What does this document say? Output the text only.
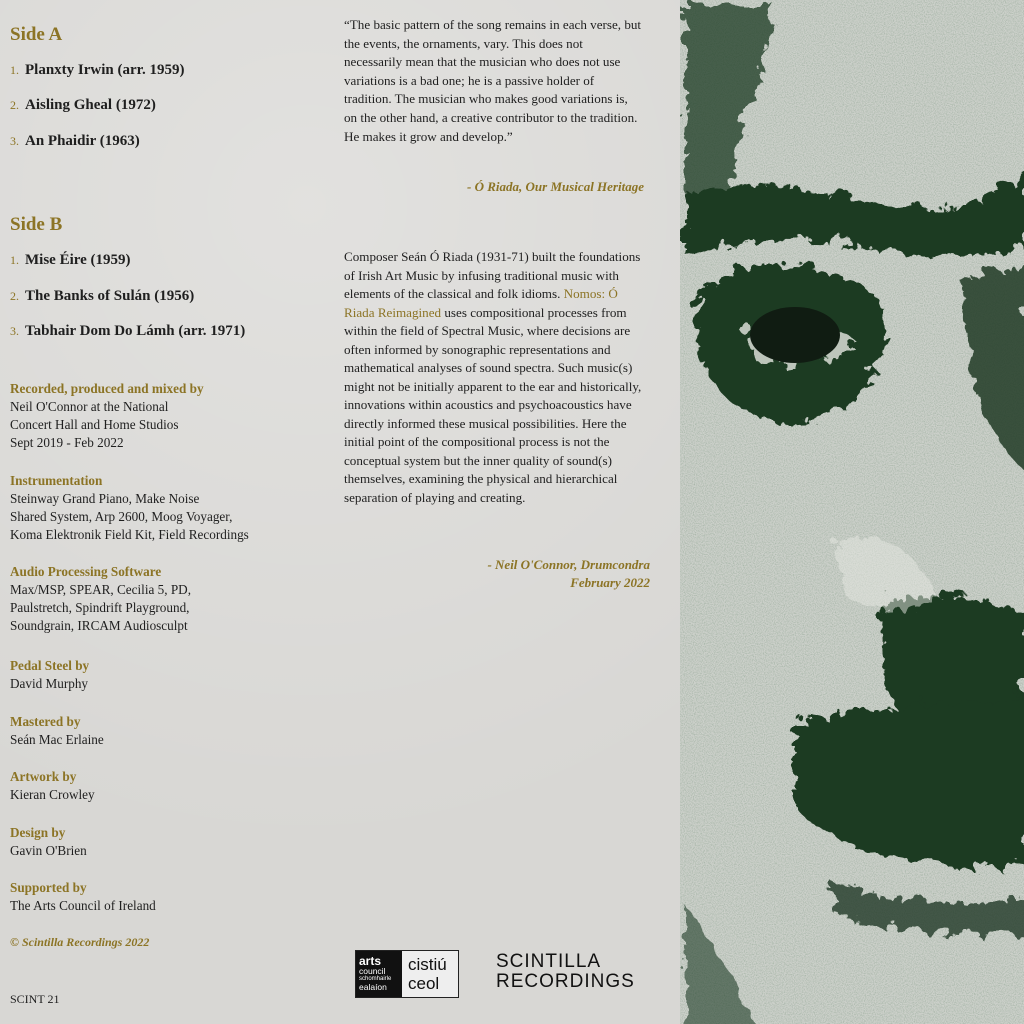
Side A
1. Planxty Irwin (arr. 1959)
2. Aisling Gheal (1972)
3. An Phaidir (1963)
Side B
1. Mise Éire (1959)
2. The Banks of Sulán (1956)
3. Tabhair Dom Do Lámh (arr. 1971)
Recorded, produced and mixed by
Neil O'Connor at the National
Concert Hall and Home Studios
Sept 2019 - Feb 2022
Instrumentation
Steinway Grand Piano, Make Noise
Shared System, Arp 2600, Moog Voyager,
Koma Elektronik Field Kit, Field Recordings
Audio Processing Software
Max/MSP, SPEAR, Cecilia 5, PD,
Paulstretch, Spindrift Playground,
Soundgrain, IRCAM Audiosculpt
Pedal Steel by
David Murphy
Mastered by
Seán Mac Erlaine
Artwork by
Kieran Crowley
Design by
Gavin O'Brien
Supported by
The Arts Council of Ireland
© Scintilla Recordings 2022
SCINT 21
“The basic pattern of the song remains in each verse, but the events, the ornaments, vary. This does not necessarily mean that the musician who does not use variations is a bad one; he is a passive holder of tradition. The musician who makes good variations is, on the other hand, a creative contributor to the tradition. He makes it grow and develop.”
- Ó Riada, Our Musical Heritage
Composer Seán Ó Riada (1931-71) built the foundations of Irish Art Music by infusing traditional music with elements of the classical and folk idioms. Nomos: Ó Riada Reimagined uses compositional processes from within the field of Spectral Music, where decisions are often informed by sonographic representations and mathematical analyses of sound spectra. Such music(s) might not be initially apparent to the ear and historically, innovations within acoustics and psychoacoustics have directly informed these musical possibilities. Here the initial point of the compositional process is not the conceptual system but the inner quality of sound(s) themselves, examining the physical and hierarchical separation of playing and creating.
- Neil O'Connor, Drumcondra
February 2022
arts
council
schomhairle
ealaíon
cistiú
ceol
SCINTILLA
RECORDINGS
